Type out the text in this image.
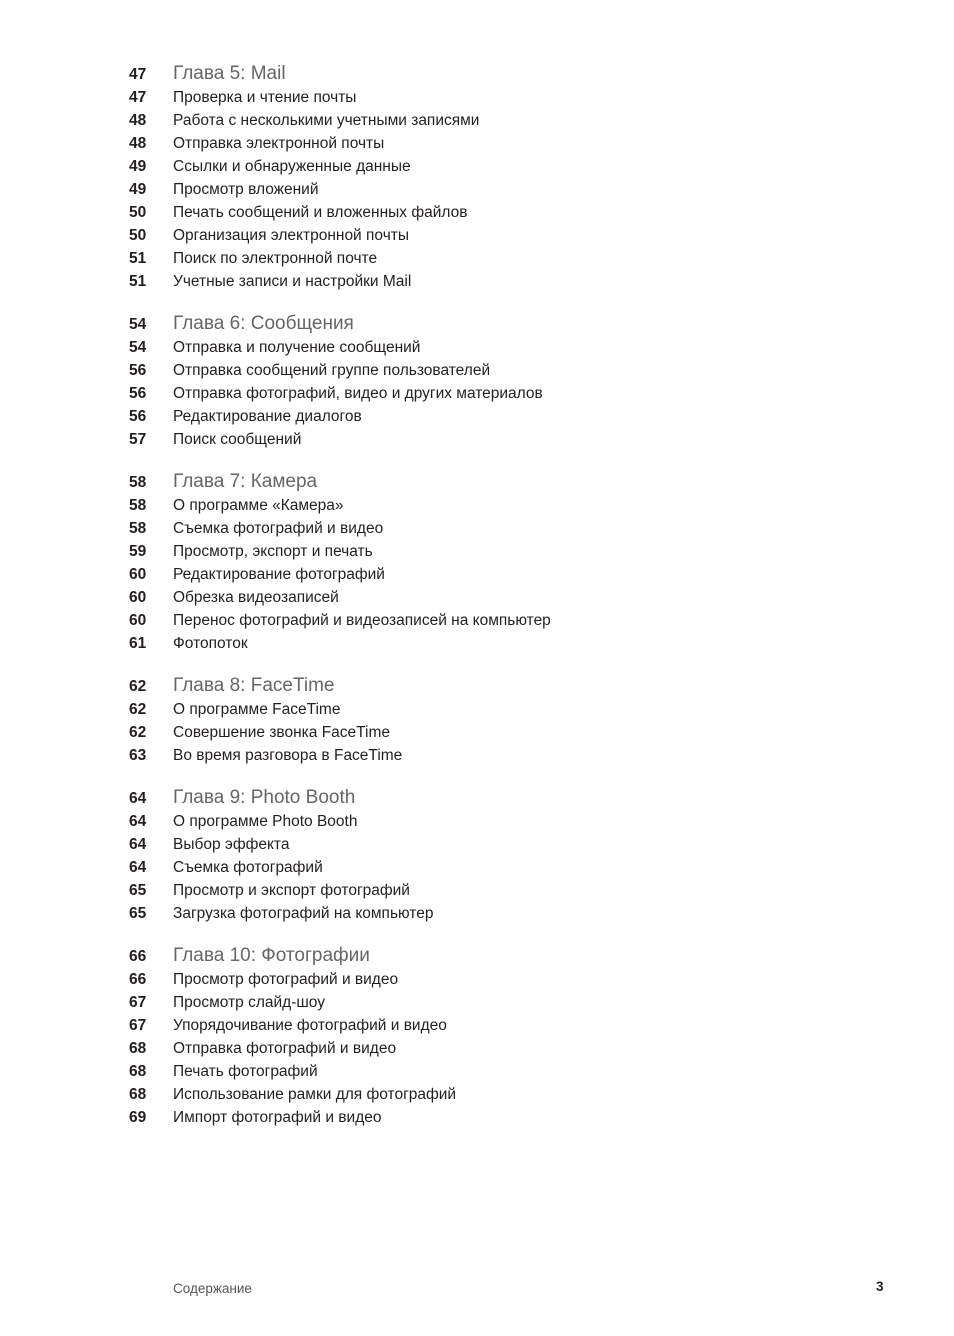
47	Глава 5: Mail
47	Проверка и чтение почты
48	Работа с несколькими учетными записями
48	Отправка электронной почты
49	Ссылки и обнаруженные данные
49	Просмотр вложений
50	Печать сообщений и вложенных файлов
50	Организация электронной почты
51	Поиск по электронной почте
51	Учетные записи и настройки Mail
54	Глава 6: Сообщения
54	Отправка и получение сообщений
56	Отправка сообщений группе пользователей
56	Отправка фотографий, видео и других материалов
56	Редактирование диалогов
57	Поиск сообщений
58	Глава 7: Камера
58	О программе «Камера»
58	Съемка фотографий и видео
59	Просмотр, экспорт и печать
60	Редактирование фотографий
60	Обрезка видеозаписей
60	Перенос фотографий и видеозаписей на компьютер
61	Фотопоток
62	Глава 8: FaceTime
62	О программе FaceTime
62	Совершение звонка FaceTime
63	Во время разговора в FaceTime
64	Глава 9: Photo Booth
64	О программе Photo Booth
64	Выбор эффекта
64	Съемка фотографий
65	Просмотр и экспорт фотографий
65	Загрузка фотографий на компьютер
66	Глава 10: Фотографии
66	Просмотр фотографий и видео
67	Просмотр слайд-шоу
67	Упорядочивание фотографий и видео
68	Отправка фотографий и видео
68	Печать фотографий
68	Использование рамки для фотографий
69	Импорт фотографий и видео
Содержание	3
